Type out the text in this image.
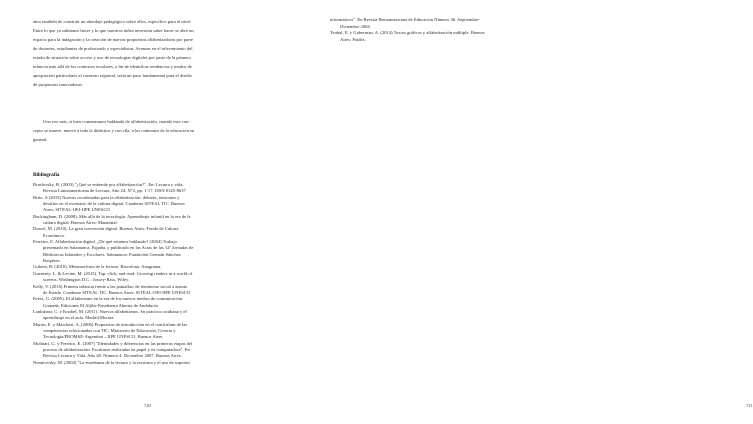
ámo también de construir un abordaje pedagógico sobre ellos, específico para el nivel.
Entre lo que ya sabíamos hacer y lo que nuestros niños necesitan saber hacer se abre un
espacio para la indagación y la creación de nuevas propuestas alfabetizadoras por parte
de docentes, estudiantes de profesorado y especialistas. Avanzar en el relevamiento del
estado de situación sobre acceso y uso de tecnologías digitales por parte de la primera
infancia más allá de los contextos escolares, a fin de identificar tendencias y modos de
apropiación particulares al contexto regional, sería un paso fundamental para el diseño
de propuestas innovadoras.
Una vez más, si bien comenzamos hablando de alfabetización, cuando este con-
cepto se mueve, mueve a toda la didáctica y con ella, a los cimientos de la educación en
general.
Bibliografía
Bruslovsky, B. (2003) "¿Qué se entiende por alfabetización?". En: Lectura y vida.
Revista Latinoamericana de Lectura, Año 24, N°2, pp. 1-17. ISSN 0325-8637
Brito, A (2015) Nuevas coordenadas para la alfabetización: debates, tensiones y
desafíos en el escenario de la cultura digital. Cuaderno SITEAL TIC. Buenos
Aires: SITEAL-OEI-IIPE UNESCO
Buckingham, D. (2008): Más allá de la tecnología. Aprendizaje infantil en la era de la
cultura digital. Buenos Aires: Manantial.
Dussel, M. (2010). La gran conversión digital. Buenos Aires: Fondo de Cultura
Económica.
Ferreiro, E. Alfabetización digital. ¿De qué estamos hablando? (2004) Trabajo
presentado en Salamanca, España, y publicado en las Actas de las 12ª Jornadas de
Bibliotecas Infantiles y Escolares. Salamanca: Fundación Germán Sánchez
Ruipérez.
Gubern, R. (2010). Metamorfosis de la lectura. Barcelona: Anagrama.
Guernsey, L. & Levine, M. (2015), Tap, click, and read: Growing readers in a world of
screens. Washington D.C.: Jossey-Bass, Wiley.
Kelly, V. (2016) Primera infancia frente a las pantallas: de fenómeno social a asunto
de Estado. Cuaderno SITEAL TIC. Buenos Aires: SITEAL-OEI-IIPE UNESCO
Kress, G. (2005). El alfabetismo en la era de los nuevos medios de comunicación.
Granada, Ediciones El Aljibe-Enseñanza Abierta de Andalucía.
Lankshear, C. y Knobel, M. (2011). Nuevos alfabetismos. Su práctica cotidiana y el
aprendizaje en el aula. Madrid:Morata.
Martin, E. y Marchesi, A. (2006) Propuestas de introducción en el currículum de las
competencias relacionadas con TIC. Ministerio de Educación, Ciencia y
Tecnología/PROMSE-Argentina – IIPE UNESCO, Buenos Aires.
Molinari, G. y Ferreiro, E. (2007) "Identidades y diferencias en las primeras etapas del
proceso de alfabetización. Escrituras realizadas en papel y en computadora". En
Revista Lectura y Vida. Año 28. Número 4. Diciembre 2007. Buenos Aires.
Nemirovsky, M. (2004) "La enseñanza de la lectura y la escritura y el uso de soportes
720	721
informáticos". En Revista Iberoamericana de Educación Número 36. Septiembre-
Diciembre 2004.
Teubal, E. y Guberman, A. (2014) Textos gráficos y alfabetización múltiple. Buenos
Aires: Paidós.
